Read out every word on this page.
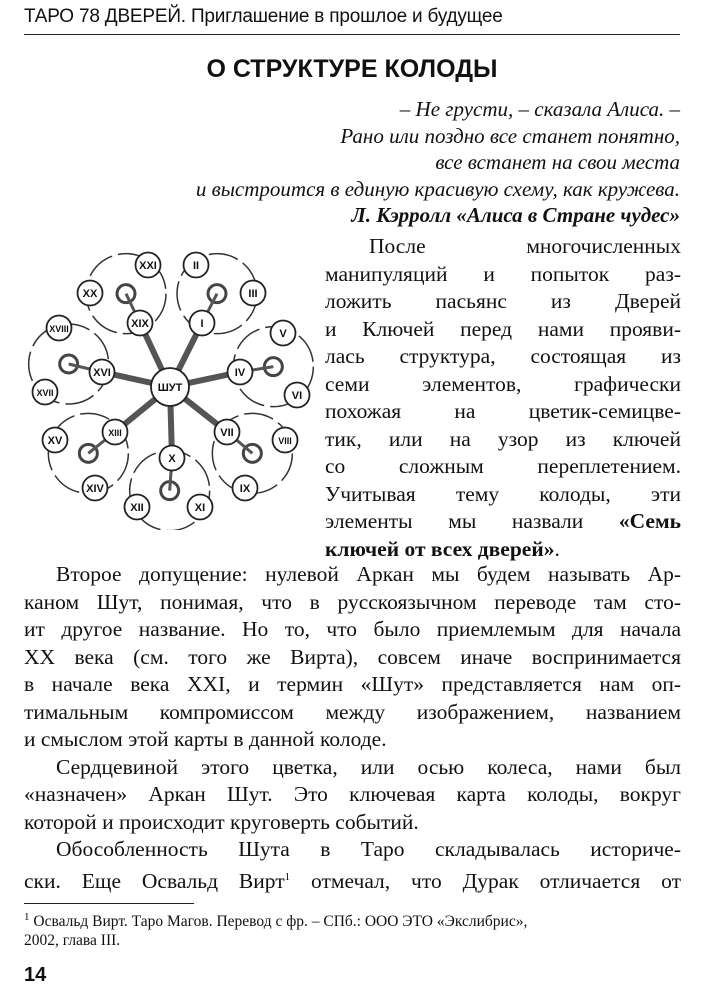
ТАРО 78 ДВЕРЕЙ. Приглашение в прошлое и будущее
О СТРУКТУРЕ КОЛОДЫ
– Не грусти, – сказала Алиса. –
Рано или поздно все станет понятно,
все встанет на свои места
и выстроится в единую красивую схему, как кружева.
Л. Кэрролл «Алиса в Стране чудес»
I
II
III
IV
V
VI
VII
VIII
IX
X
XI
XII
XIII
XIV
XV
XVI
XVII
XVIII	XIX
XX
XXI
ШУТ
После многочисленных
манипуляций и попыток раз-
ложить пасьянс из Дверей
и Ключей перед нами прояви-
лась структура, состоящая из
семи элементов, графически
похожая на цветик-семицве-
тик, или на узор из ключей
со сложным переплетением.
Учитывая тему колоды, эти
элементы мы назвали «Семь
ключей от всех дверей».
Второе допущение: нулевой Аркан мы будем называть Ар-
каном Шут, понимая, что в русскоязычном переводе там сто-
ит другое название. Но то, что было приемлемым для начала
XX века (см. того же Вирта), совсем иначе воспринимается
в начале века XXI, и термин «Шут» представляется нам оп-
тимальным компромиссом между изображением, названием
и смыслом этой карты в данной колоде.
Сердцевиной этого цветка, или осью колеса, нами был
«назначен» Аркан Шут. Это ключевая карта колоды, вокруг
которой и происходит круговерть событий.
Обособленность Шута в Таро складывалась историче-
ски. Еще Освальд Вирт$^1$ отмечал, что Дурак отличается от
$^1$ Освальд Вирт. Таро Магов. Перевод с фр. – СПб.: ООО ЭТО «Экслибрис»,
2002, глава III.
14
